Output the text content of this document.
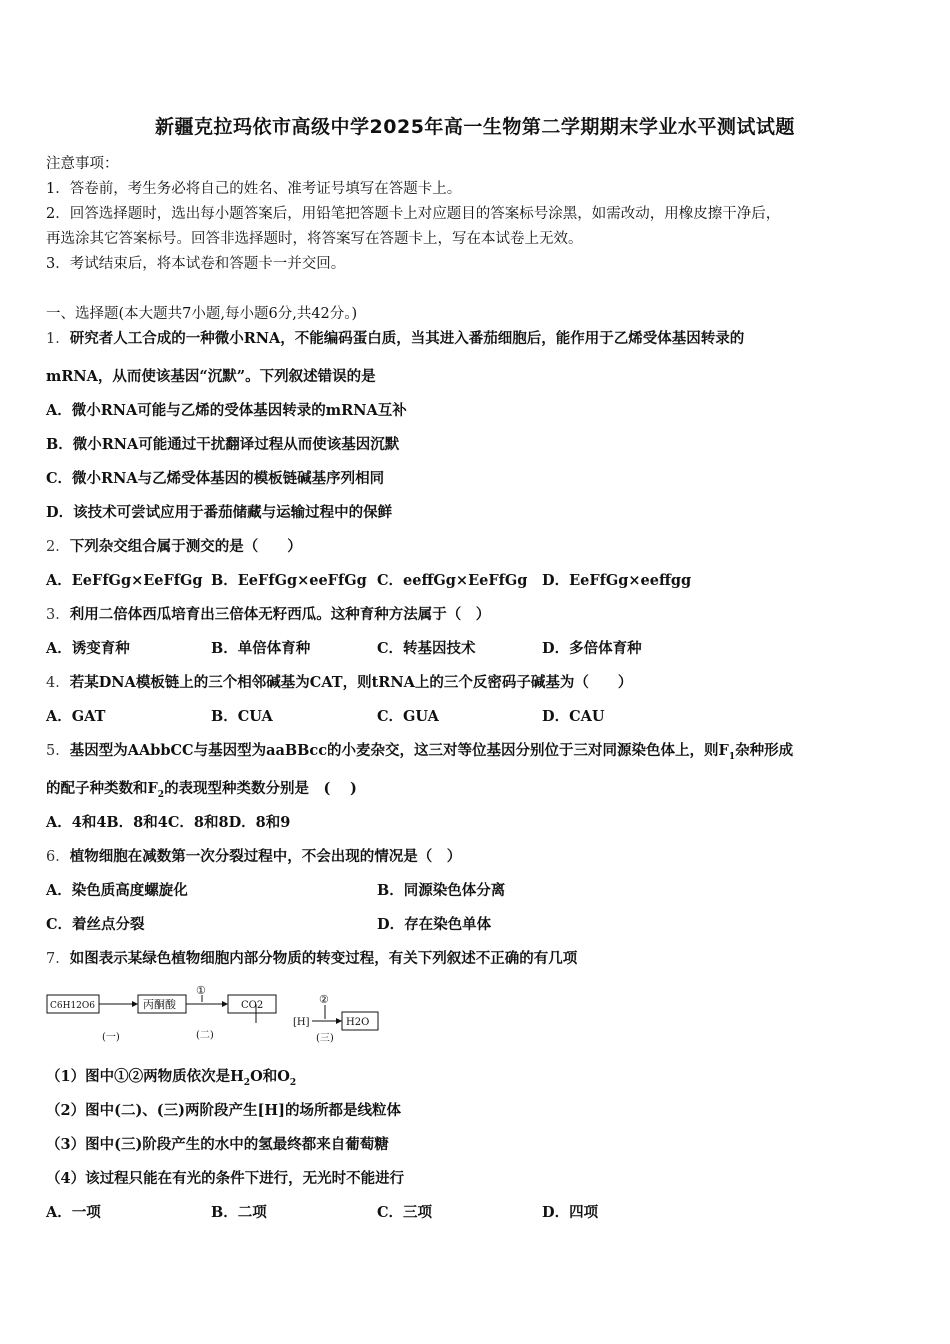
新疆克拉玛依市高级中学2025年高一生物第二学期期末学业水平测试试题
注意事项：
1．答卷前，考生务必将自己的姓名、准考证号填写在答题卡上。
2．回答选择题时，选出每小题答案后，用铅笔把答题卡上对应题目的答案标号涂黑，如需改动，用橡皮擦干净后，
再选涂其它答案标号。回答非选择题时，将答案写在答题卡上，写在本试卷上无效。
3．考试结束后，将本试卷和答题卡一并交回。
一、选择题(本大题共7小题,每小题6分,共42分。)
1．研究者人工合成的一种微小RNA，不能编码蛋白质，当其进入番茄细胞后，能作用于乙烯受体基因转录的
mRNA，从而使该基因“沉默”。下列叙述错误的是
A．微小RNA可能与乙烯的受体基因转录的mRNA互补
B．微小RNA可能通过干扰翻译过程从而使该基因沉默
C．微小RNA与乙烯受体基因的模板链碱基序列相同
D．该技术可尝试应用于番茄储藏与运输过程中的保鲜
2．下列杂交组合属于测交的是（　　）
A．EeFfGg×EeFfGg B．EeFfGg×eeFfGg C．eeffGg×EeFfGg D．EeFfGg×eeffgg
3．利用二倍体西瓜培育出三倍体无籽西瓜。这种育种方法属于（　）
A．诱变育种	B．单倍体育种	C．转基因技术	D．多倍体育种
4．若某DNA模板链上的三个相邻碱基为CAT，则tRNA上的三个反密码子碱基为（　　）
A．GAT	B．CUA	C．GUA	D．CAU
5．基因型为AAbbCC与基因型为aaBBcc的小麦杂交，这三对等位基因分别位于三对同源染色体上，则$F_1$杂种形成
的配子种类数和$F_2$的表现型种类数分别是　( 　)
A．4和4B．8和4C．8和8D．8和9
6．植物细胞在减数第一次分裂过程中，不会出现的情况是（　）
A．染色质高度螺旋化	B．同源染色体分离
C．着丝点分裂	D．存在染色单体
7．如图表示某绿色植物细胞内部分物质的转变过程，有关下列叙述不正确的有几项
C6H12O6	丙酮酸
①
CO2
[H]
②
H2O
(一)	(二)	(三)
（1）图中①②两物质依次是$H_2O$和$O_2$
（2）图中(二)、(三)两阶段产生[H]的场所都是线粒体
（3）图中(三)阶段产生的水中的氢最终都来自葡萄糖
（4）该过程只能在有光的条件下进行，无光时不能进行
A．一项	B．二项	C．三项	D．四项
